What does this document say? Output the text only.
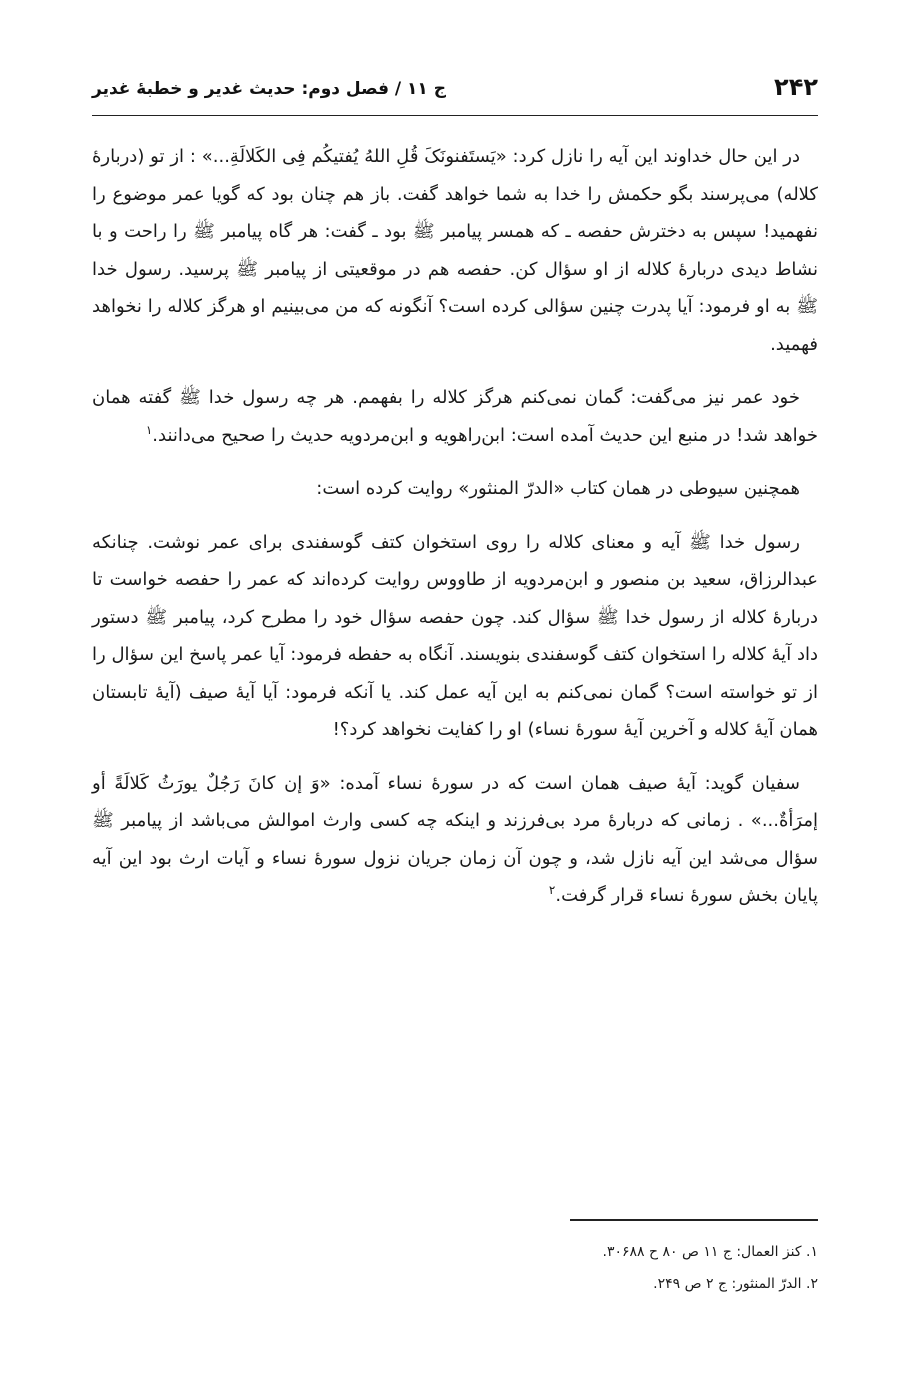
۲۴۲
ج ۱۱ / فصل دوم: حدیث غدیر و خطبهٔ غدیر

در این حال خداوند این آیه را نازل کرد: «یَستَفنونَکَ قُلِ اللهُ یُفتیکُم فِی الکَلالَةِ...» : از تو (دربارهٔ کلاله) می‌پرسند بگو حکمش را خدا به شما خواهد گفت. باز هم چنان بود که گویا عمر موضوع را نفهمید! سپس به دخترش حفصه ـ که همسر پیامبر ﷺ بود ـ گفت: هر گاه پیامبر ﷺ را راحت و با نشاط دیدی دربارهٔ کلاله از او سؤال کن. حفصه هم در موقعیتی از پیامبر ﷺ پرسید. رسول خدا ﷺ به او فرمود: آیا پدرت چنین سؤالی کرده است؟ آنگونه که من می‌بینیم او هرگز کلاله را نخواهد فهمید.

خود عمر نیز می‌گفت: گمان نمی‌کنم هرگز کلاله را بفهمم. هر چه رسول خدا ﷺ گفته همان خواهد شد! در منبع این حدیث آمده است: ابن‌راهویه و ابن‌مردویه حدیث را صحیح می‌دانند.$^۱$

همچنین سیوطی در همان کتاب «الدرّ المنثور» روایت کرده است:

رسول خدا ﷺ آیه و معنای کلاله را روی استخوان کتف گوسفندی برای عمر نوشت. چنانکه عبدالرزاق، سعید بن منصور و ابن‌مردویه از طاووس روایت کرده‌اند که عمر را حفصه خواست تا دربارهٔ کلاله از رسول خدا ﷺ سؤال کند. چون حفصه سؤال خود را مطرح کرد، پیامبر ﷺ دستور داد آیهٔ کلاله را استخوان کتف گوسفندی بنویسند. آنگاه به حفطه فرمود: آیا عمر پاسخ این سؤال را از تو خواسته است؟ گمان نمی‌کنم به این آیه عمل کند. یا آنکه فرمود: آیا آیهٔ صیف (آیهٔ تابستان همان آیهٔ کلاله و آخرین آیهٔ سورهٔ نساء) او را کفایت نخواهد کرد؟!

سفیان گوید: آیهٔ صیف همان است که در سورهٔ نساء آمده: «وَ إن کانَ رَجُلٌ یورَثُ کَلالَةً أو إمرَأةٌ...» . زمانی که دربارهٔ مرد بی‌فرزند و اینکه چه کسی وارث اموالش می‌باشد از پیامبر ﷺ سؤال می‌شد این آیه نازل شد، و چون آن زمان جریان نزول سورهٔ نساء و آیات ارث بود این آیه پایان بخش سورهٔ نساء قرار گرفت.$^۲$

۱. کنز العمال: ج ۱۱ ص ۸۰ ح ۳۰۶۸۸.
۲. الدرّ المنثور: ج ۲ ص ۲۴۹.
